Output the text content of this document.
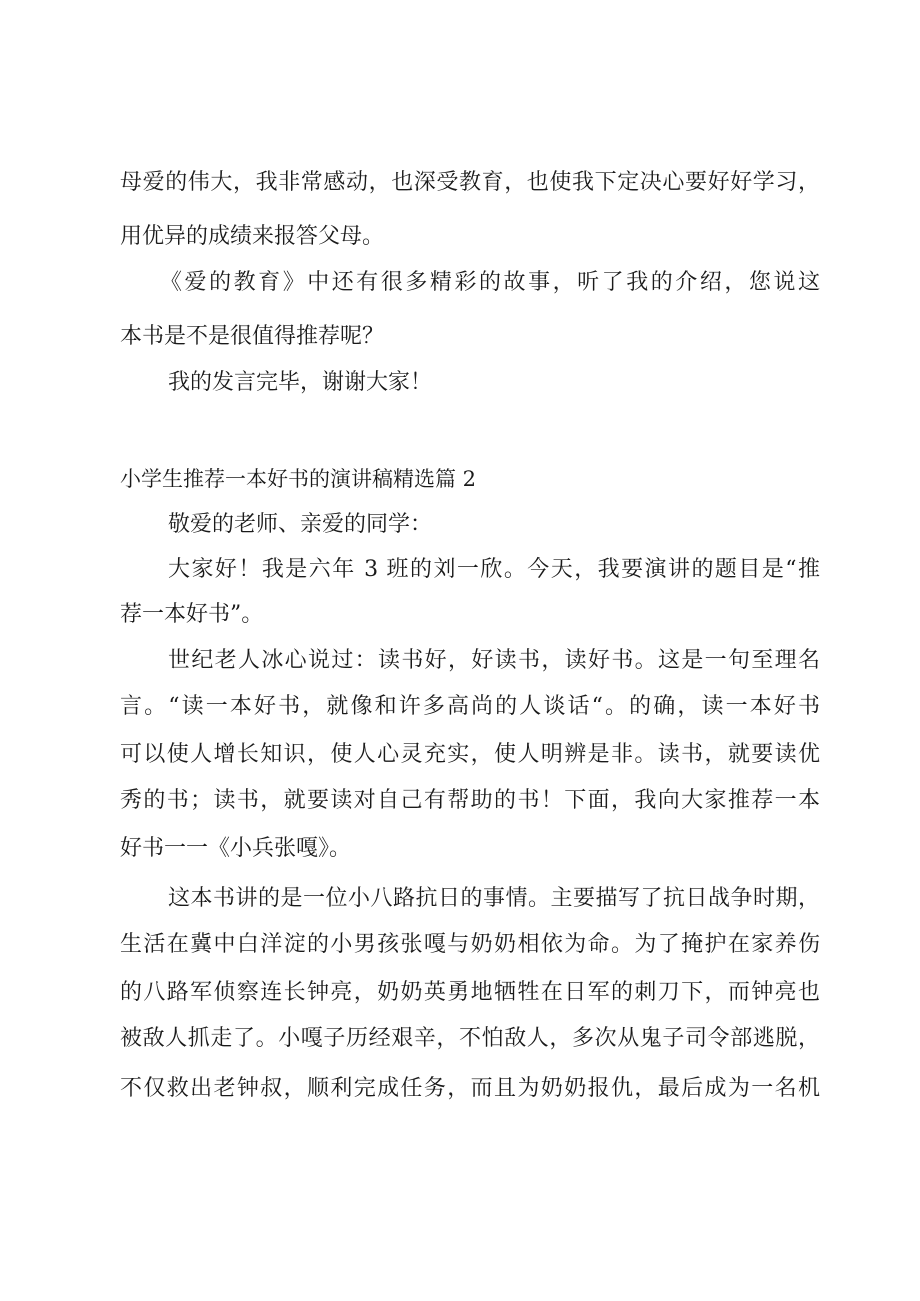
母爱的伟大，我非常感动，也深受教育，也使我下定决心要好好学习，
用优异的成绩来报答父母。
《爱的教育》中还有很多精彩的故事，听了我的介绍，您说这
本书是不是很值得推荐呢？
我的发言完毕，谢谢大家！
小学生推荐一本好书的演讲稿精选篇 2
敬爱的老师、亲爱的同学：
大家好！我是六年 3 班的刘一欣。今天，我要演讲的题目是“推
荐一本好书”。
世纪老人冰心说过：读书好，好读书，读好书。这是一句至理名
言。“读一本好书，就像和许多高尚的人谈话“。的确，读一本好书
可以使人增长知识，使人心灵充实，使人明辨是非。读书，就要读优
秀的书；读书，就要读对自己有帮助的书！下面，我向大家推荐一本
好书一一《小兵张嘎》。
这本书讲的是一位小八路抗日的事情。主要描写了抗日战争时期，
生活在冀中白洋淀的小男孩张嘎与奶奶相依为命。为了掩护在家养伤
的八路军侦察连长钟亮，奶奶英勇地牺牲在日军的刺刀下，而钟亮也
被敌人抓走了。小嘎子历经艰辛，不怕敌人，多次从鬼子司令部逃脱，
不仅救出老钟叔，顺利完成任务，而且为奶奶报仇，最后成为一名机
